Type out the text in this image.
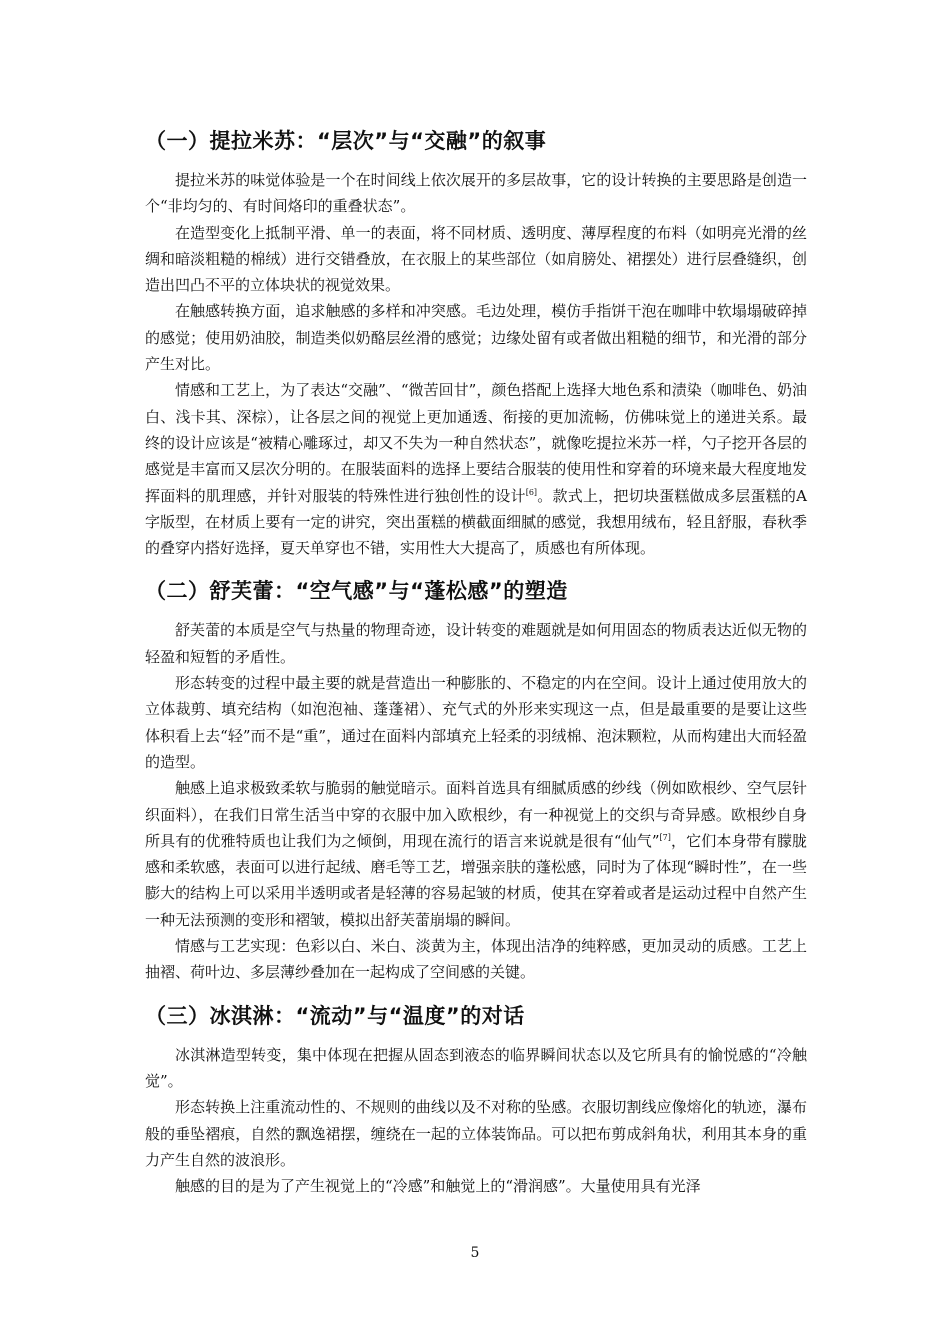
（一）提拉米苏：“层次”与“交融”的叙事

提拉米苏的味觉体验是一个在时间线上依次展开的多层故事，它的设计转换的主要思路是创造一个“非均匀的、有时间烙印的重叠状态”。

在造型变化上抵制平滑、单一的表面，将不同材质、透明度、薄厚程度的布料（如明亮光滑的丝绸和暗淡粗糙的棉绒）进行交错叠放，在衣服上的某些部位（如肩膀处、裙摆处）进行层叠缝织，创造出凹凸不平的立体块状的视觉效果。

在触感转换方面，追求触感的多样和冲突感。毛边处理，模仿手指饼干泡在咖啡中软塌塌破碎掉的感觉；使用奶油胶，制造类似奶酪层丝滑的感觉；边缘处留有或者做出粗糙的细节，和光滑的部分产生对比。

情感和工艺上，为了表达“交融”、“微苦回甘”，颜色搭配上选择大地色系和渍染（咖啡色、奶油白、浅卡其、深棕），让各层之间的视觉上更加通透、衔接的更加流畅，仿佛味觉上的递进关系。最终的设计应该是“被精心雕琢过，却又不失为一种自然状态”，就像吃提拉米苏一样，勺子挖开各层的感觉是丰富而又层次分明的。在服装面料的选择上要结合服装的使用性和穿着的环境来最大程度地发挥面料的肌理感，并针对服装的特殊性进行独创性的设计[6]。款式上，把切块蛋糕做成多层蛋糕的A字版型，在材质上要有一定的讲究，突出蛋糕的横截面细腻的感觉，我想用绒布，轻且舒服，春秋季的叠穿内搭好选择，夏天单穿也不错，实用性大大提高了，质感也有所体现。

（二）舒芙蕾：“空气感”与“蓬松感”的塑造

舒芙蕾的本质是空气与热量的物理奇迹，设计转变的难题就是如何用固态的物质表达近似无物的轻盈和短暂的矛盾性。

形态转变的过程中最主要的就是营造出一种膨胀的、不稳定的内在空间。设计上通过使用放大的立体裁剪、填充结构（如泡泡袖、蓬蓬裙）、充气式的外形来实现这一点，但是最重要的是要让这些体积看上去“轻”而不是“重”，通过在面料内部填充上轻柔的羽绒棉、泡沫颗粒，从而构建出大而轻盈的造型。

触感上追求极致柔软与脆弱的触觉暗示。面料首选具有细腻质感的纱线（例如欧根纱、空气层针织面料），在我们日常生活当中穿的衣服中加入欧根纱，有一种视觉上的交织与奇异感。欧根纱自身所具有的优雅特质也让我们为之倾倒，用现在流行的语言来说就是很有“仙气”[7]，它们本身带有朦胧感和柔软感，表面可以进行起绒、磨毛等工艺，增强亲肤的蓬松感，同时为了体现“瞬时性”，在一些膨大的结构上可以采用半透明或者是轻薄的容易起皱的材质，使其在穿着或者是运动过程中自然产生一种无法预测的变形和褶皱，模拟出舒芙蕾崩塌的瞬间。

情感与工艺实现：色彩以白、米白、淡黄为主，体现出洁净的纯粹感，更加灵动的质感。工艺上抽褶、荷叶边、多层薄纱叠加在一起构成了空间感的关键。

（三）冰淇淋：“流动”与“温度”的对话

冰淇淋造型转变，集中体现在把握从固态到液态的临界瞬间状态以及它所具有的愉悦感的“冷触觉”。

形态转换上注重流动性的、不规则的曲线以及不对称的坠感。衣服切割线应像熔化的轨迹，瀑布般的垂坠褶痕，自然的飘逸裙摆，缠绕在一起的立体装饰品。可以把布剪成斜角状，利用其本身的重力产生自然的波浪形。

触感的目的是为了产生视觉上的“冷感”和触觉上的“滑润感”。大量使用具有光泽

5
